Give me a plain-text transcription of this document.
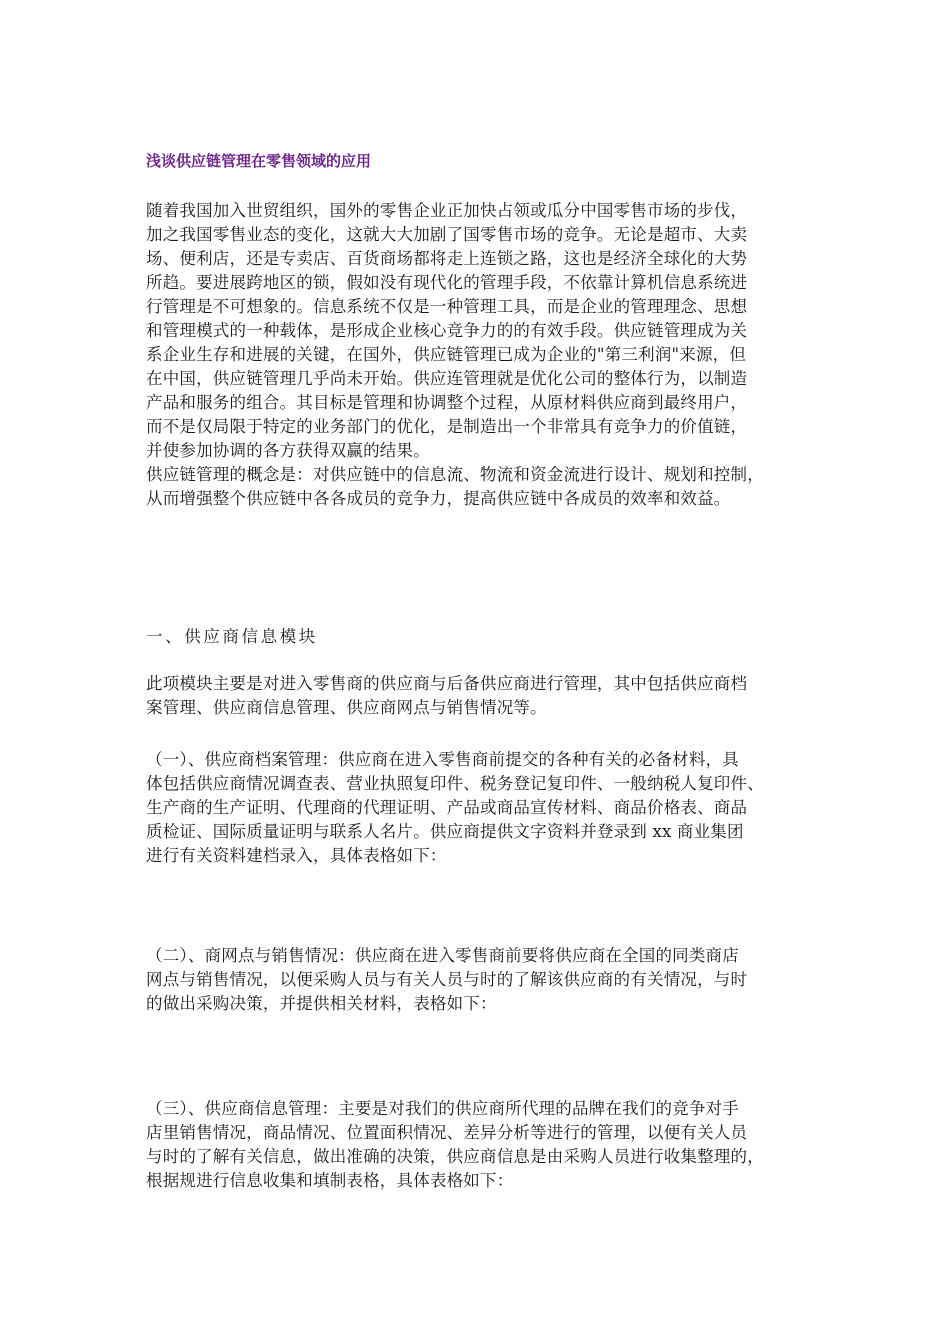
浅谈供应链管理在零售领域的应用
随着我国加入世贸组织，国外的零售企业正加快占领或瓜分中国零售市场的步伐，
加之我国零售业态的变化，这就大大加剧了国零售市场的竞争。无论是超市、大卖
场、便利店，还是专卖店、百货商场都将走上连锁之路，这也是经济全球化的大势
所趋。要进展跨地区的锁，假如没有现代化的管理手段，不依靠计算机信息系统进
行管理是不可想象的。信息系统不仅是一种管理工具，而是企业的管理理念、思想
和管理模式的一种载体，是形成企业核心竞争力的的有效手段。供应链管理成为关
系企业生存和进展的关键，在国外，供应链管理已成为企业的"第三利润"来源，但
在中国，供应链管理几乎尚未开始。供应连管理就是优化公司的整体行为，以制造
产品和服务的组合。其目标是管理和协调整个过程，从原材料供应商到最终用户，
而不是仅局限于特定的业务部门的优化，是制造出一个非常具有竞争力的价值链，
并使参加协调的各方获得双赢的结果。
供应链管理的概念是：对供应链中的信息流、物流和资金流进行设计、规划和控制，
从而增强整个供应链中各各成员的竞争力，提高供应链中各成员的效率和效益。
一、供应商信息模块
此项模块主要是对进入零售商的供应商与后备供应商进行管理，其中包括供应商档
案管理、供应商信息管理、供应商网点与销售情况等。
（一）、供应商档案管理：供应商在进入零售商前提交的各种有关的必备材料，具
体包括供应商情况调查表、营业执照复印件、税务登记复印件、一般纳税人复印件、
生产商的生产证明、代理商的代理证明、产品或商品宣传材料、商品价格表、商品
质检证、国际质量证明与联系人名片。供应商提供文字资料并登录到 xx 商业集团
进行有关资料建档录入，具体表格如下：
（二）、商网点与销售情况：供应商在进入零售商前要将供应商在全国的同类商店
网点与销售情况，以便采购人员与有关人员与时的了解该供应商的有关情况，与时
的做出采购决策，并提供相关材料，表格如下：
（三）、供应商信息管理：主要是对我们的供应商所代理的品牌在我们的竞争对手
店里销售情况，商品情况、位置面积情况、差异分析等进行的管理，以便有关人员
与时的了解有关信息，做出准确的决策，供应商信息是由采购人员进行收集整理的，
根据规进行信息收集和填制表格，具体表格如下：
